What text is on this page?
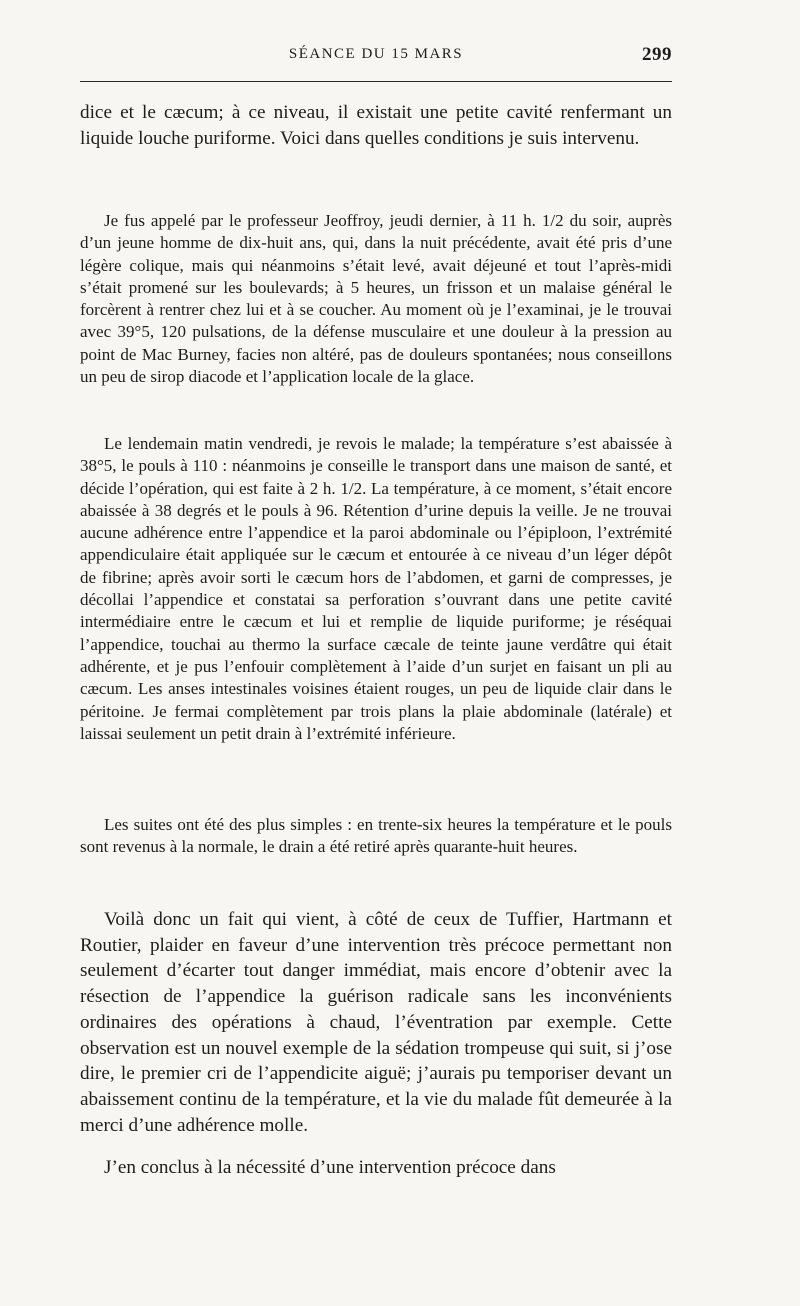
SÉANCE DU 15 MARS	299

dice et le cæcum; à ce niveau, il existait une petite cavité renfermant un liquide louche puriforme. Voici dans quelles conditions je suis intervenu.

Je fus appelé par le professeur Jeoffroy, jeudi dernier, à 11 h. 1/2 du soir, auprès d’un jeune homme de dix-huit ans, qui, dans la nuit précédente, avait été pris d’une légère colique, mais qui néanmoins s’était levé, avait déjeuné et tout l’après-midi s’était promené sur les boulevards; à 5 heures, un frisson et un malaise général le forcèrent à rentrer chez lui et à se coucher. Au moment où je l’examinai, je le trouvai avec 39°5, 120 pulsations, de la défense musculaire et une douleur à la pression au point de Mac Burney, facies non altéré, pas de douleurs spontanées; nous conseillons un peu de sirop diacode et l’application locale de la glace.

Le lendemain matin vendredi, je revois le malade; la température s’est abaissée à 38°5, le pouls à 110 : néanmoins je conseille le transport dans une maison de santé, et décide l’opération, qui est faite à 2 h. 1/2. La température, à ce moment, s’était encore abaissée à 38 degrés et le pouls à 96. Rétention d’urine depuis la veille. Je ne trouvai aucune adhérence entre l’appendice et la paroi abdominale ou l’épiploon, l’extrémité appendiculaire était appliquée sur le cæcum et entourée à ce niveau d’un léger dépôt de fibrine; après avoir sorti le cæcum hors de l’abdomen, et garni de compresses, je décollai l’appendice et constatai sa perforation s’ouvrant dans une petite cavité intermédiaire entre le cæcum et lui et remplie de liquide puriforme; je réséquai l’appendice, touchai au thermo la surface cæcale de teinte jaune verdâtre qui était adhérente, et je pus l’enfouir complètement à l’aide d’un surjet en faisant un pli au cæcum. Les anses intestinales voisines étaient rouges, un peu de liquide clair dans le péritoine. Je fermai complètement par trois plans la plaie abdominale (latérale) et laissai seulement un petit drain à l’extrémité inférieure.

Les suites ont été des plus simples : en trente-six heures la température et le pouls sont revenus à la normale, le drain a été retiré après quarante-huit heures.

Voilà donc un fait qui vient, à côté de ceux de Tuffier, Hartmann et Routier, plaider en faveur d’une intervention très précoce permettant non seulement d’écarter tout danger immédiat, mais encore d’obtenir avec la résection de l’appendice la guérison radicale sans les inconvénients ordinaires des opérations à chaud, l’éventration par exemple. Cette observation est un nouvel exemple de la sédation trompeuse qui suit, si j’ose dire, le premier cri de l’appendicite aiguë; j’aurais pu temporiser devant un abaissement continu de la température, et la vie du malade fût demeurée à la merci d’une adhérence molle.

J’en conclus à la nécessité d’une intervention précoce dans
